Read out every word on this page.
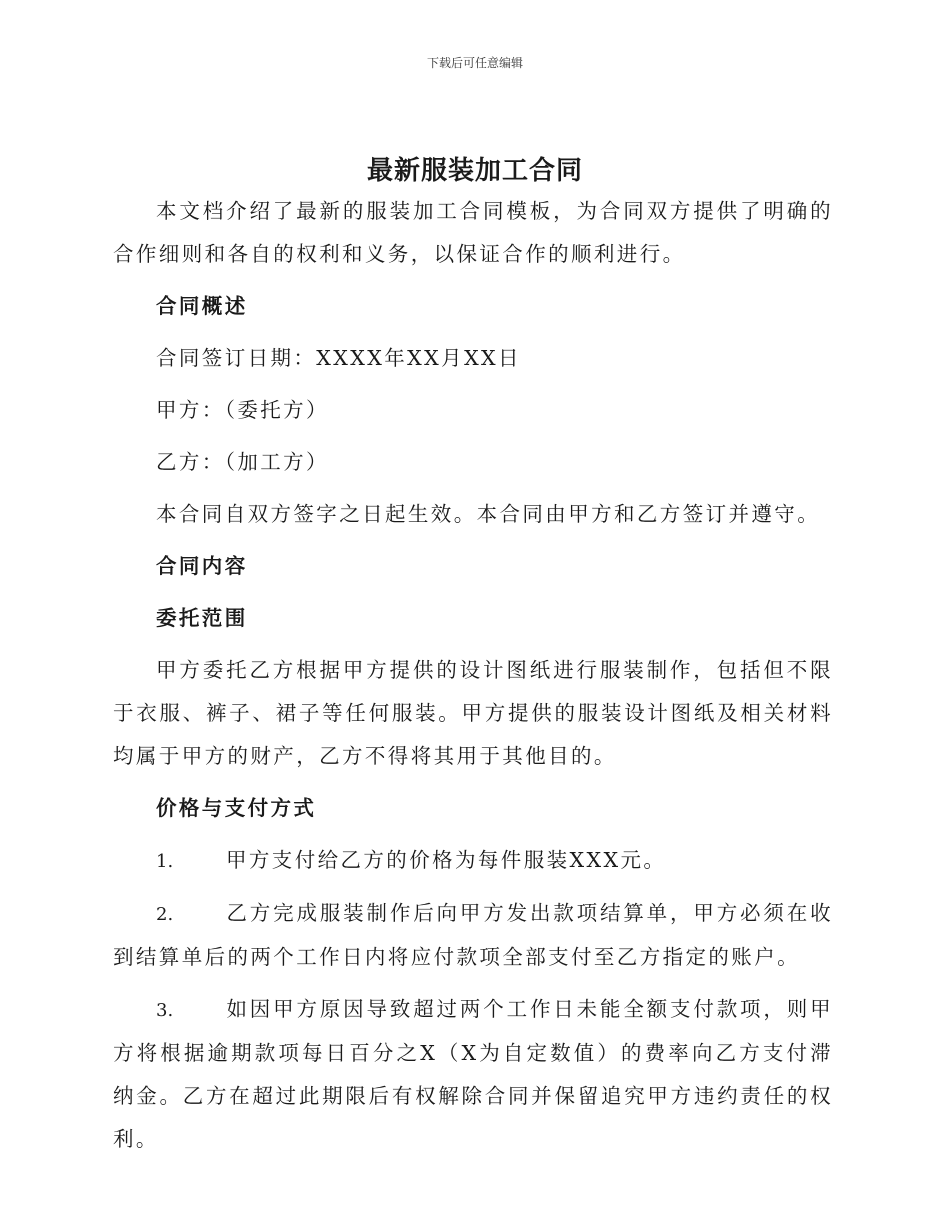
下载后可任意编辑
最新服装加工合同

本文档介绍了最新的服装加工合同模板，为合同双方提供了明确的合作细则和各自的权利和义务，以保证合作的顺利进行。

合同概述
合同签订日期：XXXX年XX月XX日
甲方：（委托方）
乙方：（加工方）
本合同自双方签字之日起生效。本合同由甲方和乙方签订并遵守。
合同内容
委托范围

甲方委托乙方根据甲方提供的设计图纸进行服装制作，包括但不限于衣服、裤子、裙子等任何服装。甲方提供的服装设计图纸及相关材料均属于甲方的财产，乙方不得将其用于其他目的。

价格与支付方式

1.	甲方支付给乙方的价格为每件服装XXX元。

2.	乙方完成服装制作后向甲方发出款项结算单，甲方必须在收到结算单后的两个工作日内将应付款项全部支付至乙方指定的账户。

3.	如因甲方原因导致超过两个工作日未能全额支付款项，则甲方将根据逾期款项每日百分之X（X为自定数值）的费率向乙方支付滞纳金。乙方在超过此期限后有权解除合同并保留追究甲方违约责任的权利。
